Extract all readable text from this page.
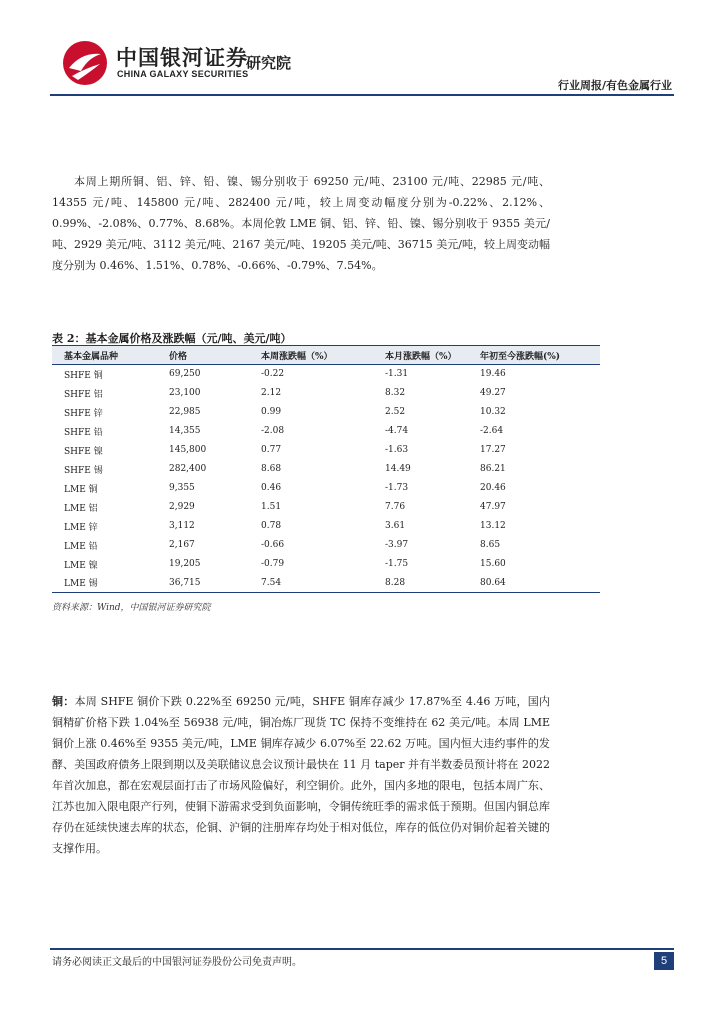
中国银河证券
CHINA GALAXY SECURITIES
研究院
行业周报/有色金属行业

本周上期所铜、铝、锌、铅、镍、锡分别收于 69250 元/吨、23100 元/吨、22985 元/吨、14355 元/吨、145800 元/吨、282400 元/吨，较上周变动幅度分别为-0.22%、2.12%、0.99%、-2.08%、0.77%、8.68%。本周伦敦 LME 铜、铝、锌、铅、镍、锡分别收于 9355 美元/吨、2929 美元/吨、3112 美元/吨、2167 美元/吨、19205 美元/吨、36715 美元/吨，较上周变动幅度分别为 0.46%、1.51%、0.78%、-0.66%、-0.79%、7.54%。

表 2：基本金属价格及涨跌幅（元/吨、美元/吨）
基本金属品种	价格	本周涨跌幅（%）	本月涨跌幅（%）	年初至今涨跌幅(%)
SHFE 铜	69,250	-0.22	-1.31	19.46
SHFE 铝	23,100	2.12	8.32	49.27
SHFE 锌	22,985	0.99	2.52	10.32
SHFE 铅	14,355	-2.08	-4.74	-2.64
SHFE 镍	145,800	0.77	-1.63	17.27
SHFE 锡	282,400	8.68	14.49	86.21
LME 铜	9,355	0.46	-1.73	20.46
LME 铝	2,929	1.51	7.76	47.97
LME 锌	3,112	0.78	3.61	13.12
LME 铅	2,167	-0.66	-3.97	8.65
LME 镍	19,205	-0.79	-1.75	15.60
LME 锡	36,715	7.54	8.28	80.64
资料来源：Wind，中国银河证券研究院

铜：本周 SHFE 铜价下跌 0.22%至 69250 元/吨，SHFE 铜库存减少 17.87%至 4.46 万吨，国内铜精矿价格下跌 1.04%至 56938 元/吨，铜冶炼厂现货 TC 保持不变维持在 62 美元/吨。本周 LME 铜价上涨 0.46%至 9355 美元/吨，LME 铜库存减少 6.07%至 22.62 万吨。国内恒大违约事件的发酵、美国政府债务上限到期以及美联储议息会议预计最快在 11 月 taper 并有半数委员预计将在 2022 年首次加息，都在宏观层面打击了市场风险偏好，利空铜价。此外，国内多地的限电，包括本周广东、江苏也加入限电限产行列，使铜下游需求受到负面影响，令铜传统旺季的需求低于预期。但国内铜总库存仍在延续快速去库的状态，伦铜、沪铜的注册库存均处于相对低位，库存的低位仍对铜价起着关键的支撑作用。

请务必阅读正文最后的中国银河证券股份公司免责声明。	5
